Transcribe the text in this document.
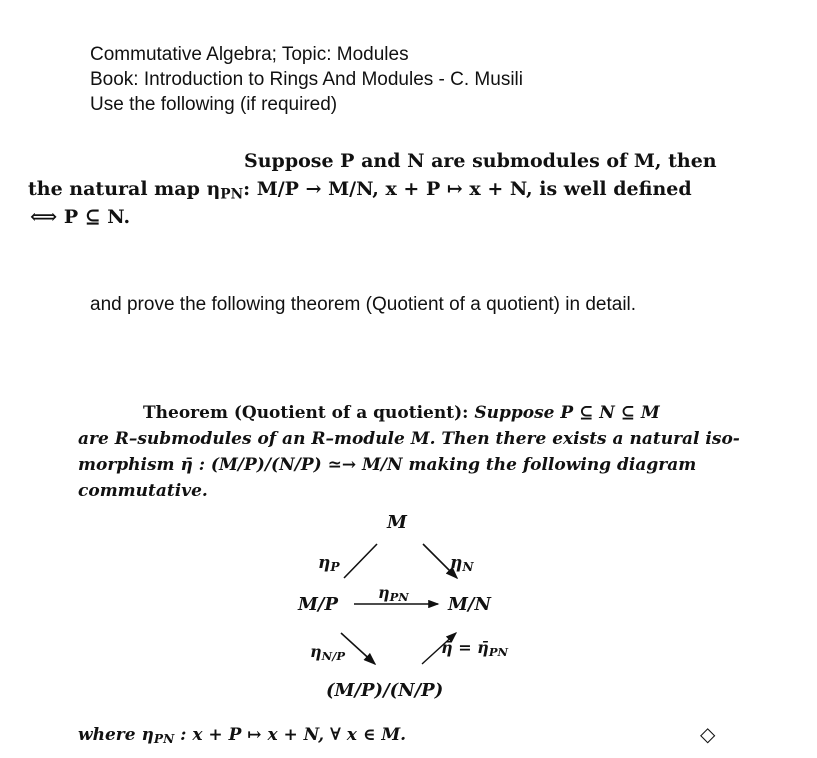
Commutative Algebra; Topic: Modules
Book: Introduction to Rings And Modules - C. Musili
Use the following (if required)
Suppose P and N are submodules of M, then
the natural map $\eta_{PN}$: M/P → M/N, x + P ↦ x + N, is well defined
⟺ P ⊆ N.
and prove the following theorem (Quotient of a quotient) in detail.
Theorem (Quotient of a quotient): Suppose P ⊆ N ⊆ M
are R–submodules of an R–module M. Then there exists a natural iso-
morphism η̄ : (M/P)/(N/P) ≃→ M/N making the following diagram
commutative.
M
$\eta_P$	$\eta_N$
$\eta_{PN}$
M/P	M/N
$\eta_{N/P}$	η̄ = $\etā_{PN}$
(M/P)/(N/P)
where $\eta_{PN}$ : x + P ↦ x + N, ∀ x ∈ M.	◇
